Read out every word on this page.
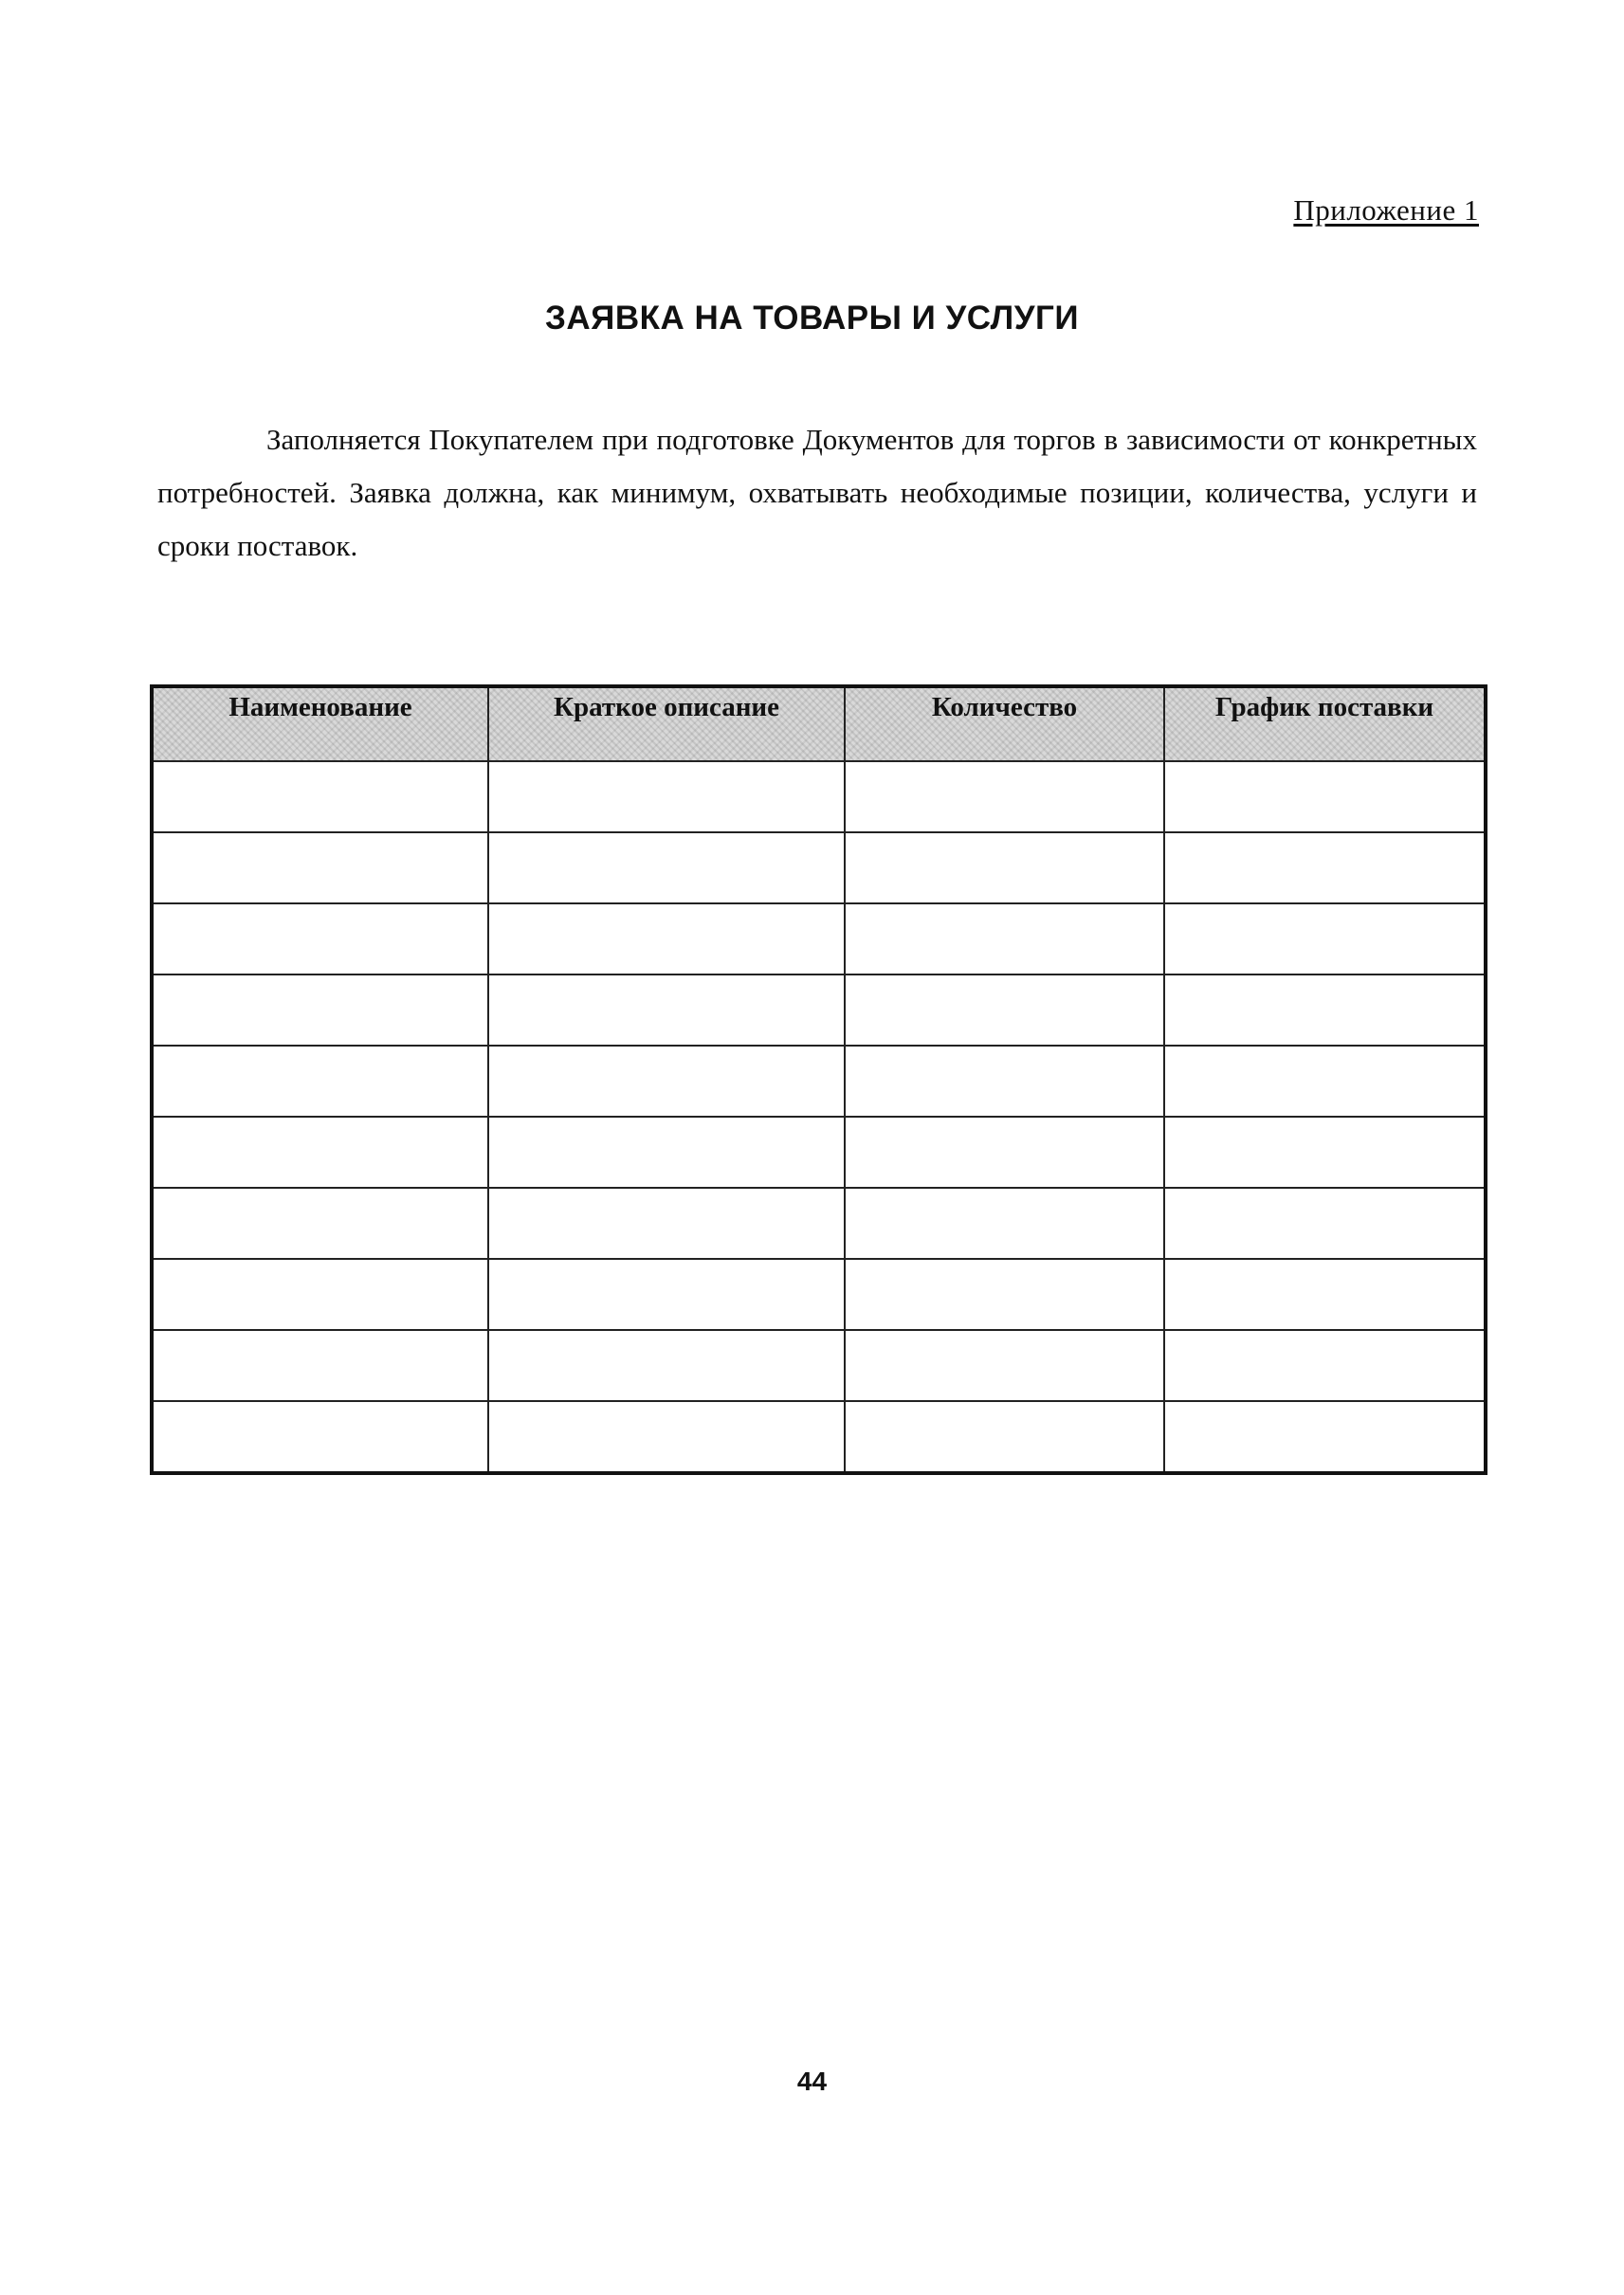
Приложение 1
ЗАЯВКА НА ТОВАРЫ И УСЛУГИ

Заполняется Покупателем при подготовке Документов для торгов в зависимости от конкретных потребностей. Заявка должна, как минимум, охватывать необходимые позиции, количества, услуги и сроки поставок.

Наименование	Краткое описание	Количество	График поставки

44
